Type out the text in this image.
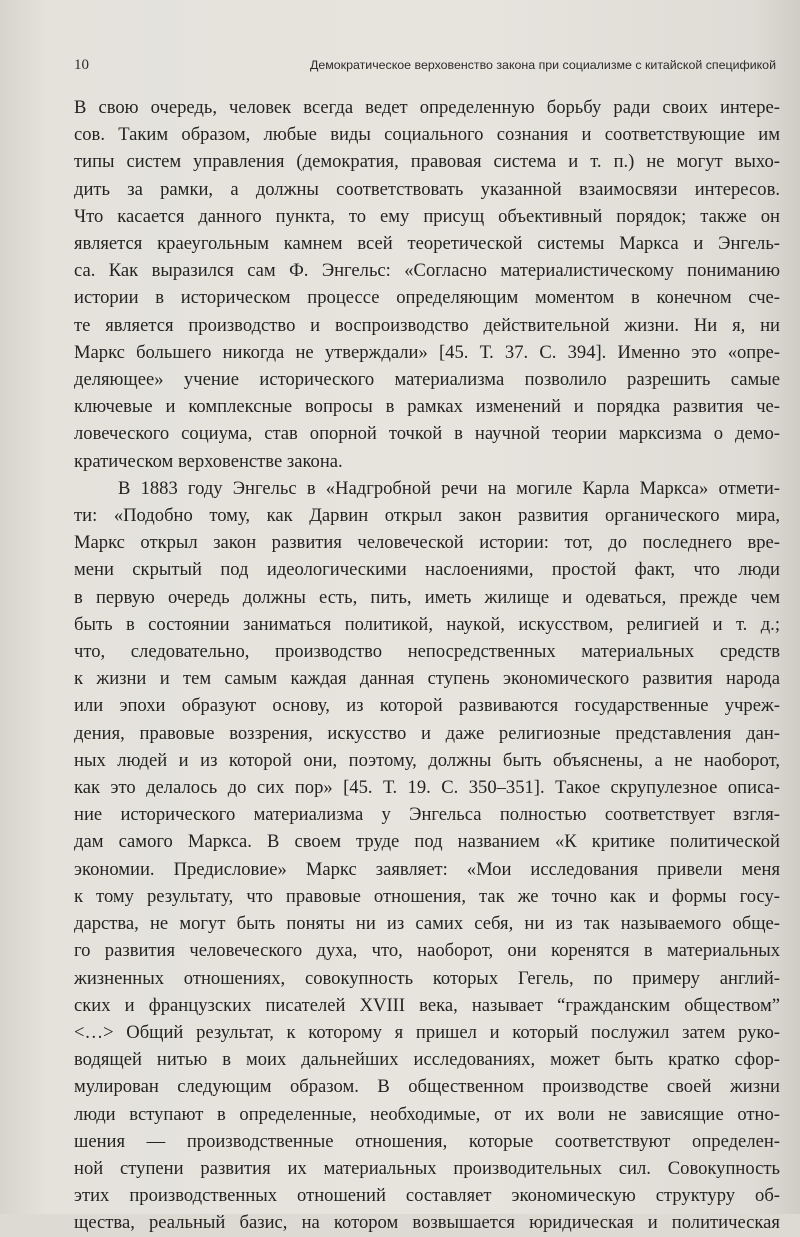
10	Демократическое верховенство закона при социализме с китайской спецификой
В свою очередь, человек всегда ведет определенную борьбу ради своих интере-
сов. Таким образом, любые виды социального сознания и соответствующие им
типы систем управления (демократия, правовая система и т. п.) не могут выхо-
дить за рамки, а должны соответствовать указанной взаимосвязи интересов.
Что касается данного пункта, то ему присущ объективный порядок; также он
является краеугольным камнем всей теоретической системы Маркса и Энгель-
са. Как выразился сам Ф. Энгельс: «Согласно материалистическому пониманию
истории в историческом процессе определяющим моментом в конечном сче-
те является производство и воспроизводство действительной жизни. Ни я, ни
Маркс большего никогда не утверждали» [45. Т. 37. С. 394]. Именно это «опре-
деляющее» учение исторического материализма позволило разрешить самые
ключевые и комплексные вопросы в рамках изменений и порядка развития че-
ловеческого социума, став опорной точкой в научной теории марксизма о демо-
кратическом верховенстве закона.
В 1883 году Энгельс в «Надгробной речи на могиле Карла Маркса» отмети-
ти: «Подобно тому, как Дарвин открыл закон развития органического мира,
Маркс открыл закон развития человеческой истории: тот, до последнего вре-
мени скрытый под идеологическими наслоениями, простой факт, что люди
в первую очередь должны есть, пить, иметь жилище и одеваться, прежде чем
быть в состоянии заниматься политикой, наукой, искусством, религией и т. д.;
что, следовательно, производство непосредственных материальных средств
к жизни и тем самым каждая данная ступень экономического развития народа
или эпохи образуют основу, из которой развиваются государственные учреж-
дения, правовые воззрения, искусство и даже религиозные представления дан-
ных людей и из которой они, поэтому, должны быть объяснены, а не наоборот,
как это делалось до сих пор» [45. Т. 19. С. 350–351]. Такое скрупулезное описа-
ние исторического материализма у Энгельса полностью соответствует взгля-
дам самого Маркса. В своем труде под названием «К критике политической
экономии. Предисловие» Маркс заявляет: «Мои исследования привели меня
к тому результату, что правовые отношения, так же точно как и формы госу-
дарства, не могут быть поняты ни из самих себя, ни из так называемого обще-
го развития человеческого духа, что, наоборот, они коренятся в материальных
жизненных отношениях, совокупность которых Гегель, по примеру англий-
ских и французских писателей XVIII века, называет “гражданским обществом”
<…> Общий результат, к которому я пришел и который послужил затем руко-
водящей нитью в моих дальнейших исследованиях, может быть кратко сфор-
мулирован следующим образом. В общественном производстве своей жизни
люди вступают в определенные, необходимые, от их воли не зависящие отно-
шения — производственные отношения, которые соответствуют определен-
ной ступени развития их материальных производительных сил. Совокупность
этих производственных отношений составляет экономическую структуру об-
щества, реальный базис, на котором возвышается юридическая и политическая
